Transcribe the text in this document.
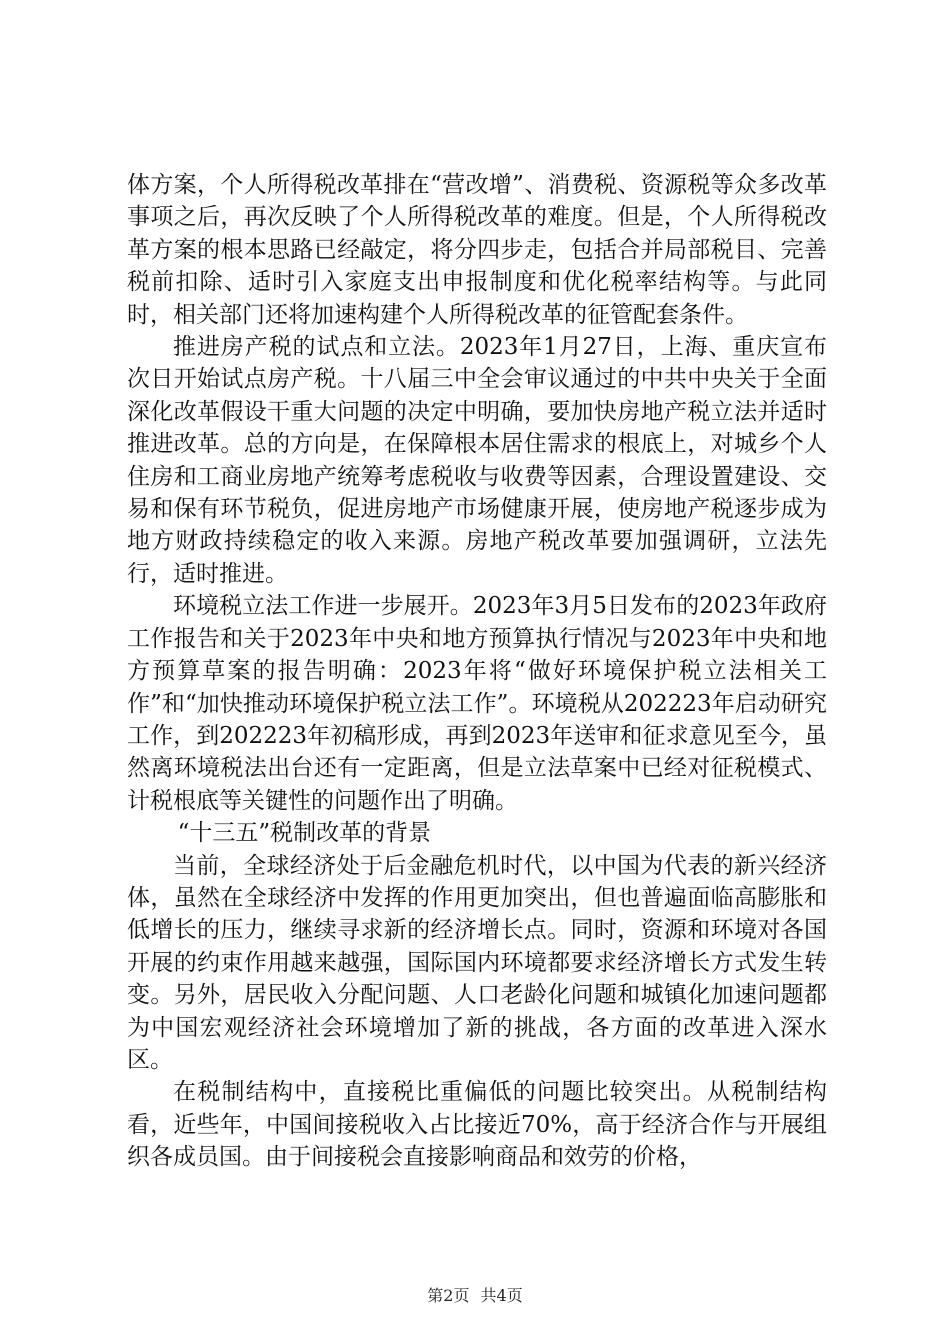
体方案，个人所得税改革排在“营改增”、消费税、资源税等众多改革事项之后，再次反映了个人所得税改革的难度。但是，个人所得税改革方案的根本思路已经敲定，将分四步走，包括合并局部税目、完善税前扣除、适时引入家庭支出申报制度和优化税率结构等。与此同时，相关部门还将加速构建个人所得税改革的征管配套条件。

推进房产税的试点和立法。2023年1月27日，上海、重庆宣布次日开始试点房产税。十八届三中全会审议通过的中共中央关于全面深化改革假设干重大问题的决定中明确，要加快房地产税立法并适时推进改革。总的方向是，在保障根本居住需求的根底上，对城乡个人住房和工商业房地产统筹考虑税收与收费等因素，合理设置建设、交易和保有环节税负，促进房地产市场健康开展，使房地产税逐步成为地方财政持续稳定的收入来源。房地产税改革要加强调研，立法先行，适时推进。

环境税立法工作进一步展开。2023年3月5日发布的2023年政府工作报告和关于2023年中央和地方预算执行情况与2023年中央和地方预算草案的报告明确：2023年将“做好环境保护税立法相关工作”和“加快推动环境保护税立法工作”。环境税从202223年启动研究工作，到202223年初稿形成，再到2023年送审和征求意见至今，虽然离环境税法出台还有一定距离，但是立法草案中已经对征税模式、计税根底等关键性的问题作出了明确。

“十三五”税制改革的背景

当前，全球经济处于后金融危机时代，以中国为代表的新兴经济体，虽然在全球经济中发挥的作用更加突出，但也普遍面临高膨胀和低增长的压力，继续寻求新的经济增长点。同时，资源和环境对各国开展的约束作用越来越强，国际国内环境都要求经济增长方式发生转变。另外，居民收入分配问题、人口老龄化问题和城镇化加速问题都为中国宏观经济社会环境增加了新的挑战，各方面的改革进入深水区。

在税制结构中，直接税比重偏低的问题比较突出。从税制结构看，近些年，中国间接税收入占比接近70%，高于经济合作与开展组织各成员国。由于间接税会直接影响商品和效劳的价格，

第2页 共4页
